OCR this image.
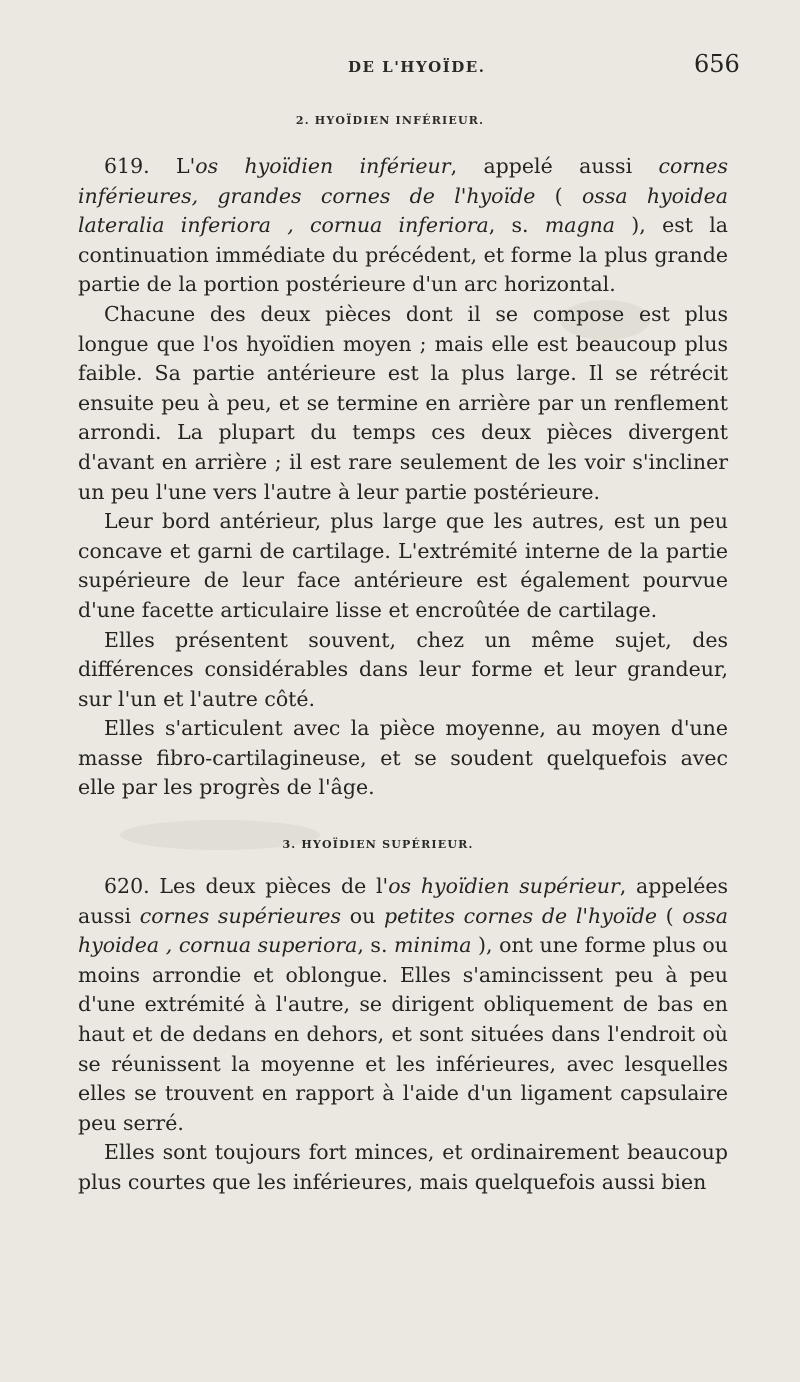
DE L'HYOÏDE.	656
2. HYOÏDIEN INFÉRIEUR.

619. L'os hyoïdien inférieur, appelé aussi cornes inférieures, grandes cornes de l'hyoïde ( ossa hyoidea lateralia inferiora , cornua inferiora, s. magna ), est la continuation immédiate du précédent, et forme la plus grande partie de la portion postérieure d'un arc horizontal.

Chacune des deux pièces dont il se compose est plus longue que l'os hyoïdien moyen ; mais elle est beaucoup plus faible. Sa partie antérieure est la plus large. Il se rétrécit ensuite peu à peu, et se termine en arrière par un renflement arrondi. La plupart du temps ces deux pièces divergent d'avant en arrière ; il est rare seulement de les voir s'incliner un peu l'une vers l'autre à leur partie postérieure.

Leur bord antérieur, plus large que les autres, est un peu concave et garni de cartilage. L'extrémité interne de la partie supérieure de leur face antérieure est également pourvue d'une facette articulaire lisse et encroûtée de cartilage.

Elles présentent souvent, chez un même sujet, des différences considérables dans leur forme et leur grandeur, sur l'un et l'autre côté.

Elles s'articulent avec la pièce moyenne, au moyen d'une masse fibro-cartilagineuse, et se soudent quelquefois avec elle par les progrès de l'âge.

3. HYOÏDIEN SUPÉRIEUR.

620. Les deux pièces de l'os hyoïdien supérieur, appelées aussi cornes supérieures ou petites cornes de l'hyoïde ( ossa hyoidea , cornua superiora, s. minima ), ont une forme plus ou moins arrondie et oblongue. Elles s'amincissent peu à peu d'une extrémité à l'autre, se dirigent obliquement de bas en haut et de dedans en dehors, et sont situées dans l'endroit où se réunissent la moyenne et les inférieures, avec lesquelles elles se trouvent en rapport à l'aide d'un ligament capsulaire peu serré.

Elles sont toujours fort minces, et ordinairement beaucoup plus courtes que les inférieures, mais quelquefois aussi bien
